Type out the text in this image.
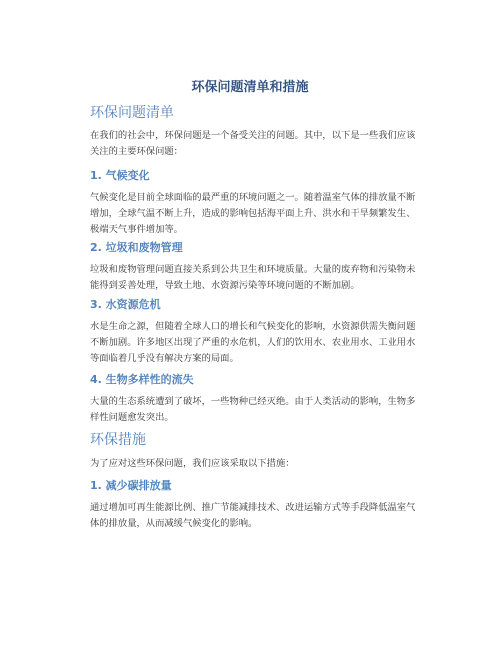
环保问题清单和措施
环保问题清单

在我们的社会中，环保问题是一个备受关注的问题。其中，以下是一些我们应该关注的主要环保问题：

1. 气候变化

气候变化是目前全球面临的最严重的环境问题之一。随着温室气体的排放量不断增加，全球气温不断上升，造成的影响包括海平面上升、洪水和干旱频繁发生、极端天气事件增加等。

2. 垃圾和废物管理

垃圾和废物管理问题直接关系到公共卫生和环境质量。大量的废弃物和污染物未能得到妥善处理，导致土地、水资源污染等环境问题的不断加剧。

3. 水资源危机

水是生命之源，但随着全球人口的增长和气候变化的影响，水资源供需失衡问题不断加剧。许多地区出现了严重的水危机，人们的饮用水、农业用水、工业用水等面临着几乎没有解决方案的局面。

4. 生物多样性的流失

大量的生态系统遭到了破坏，一些物种已经灭绝。由于人类活动的影响，生物多样性问题愈发突出。

环保措施

为了应对这些环保问题，我们应该采取以下措施：

1. 减少碳排放量

通过增加可再生能源比例、推广节能减排技术、改进运输方式等手段降低温室气体的排放量，从而减缓气候变化的影响。
